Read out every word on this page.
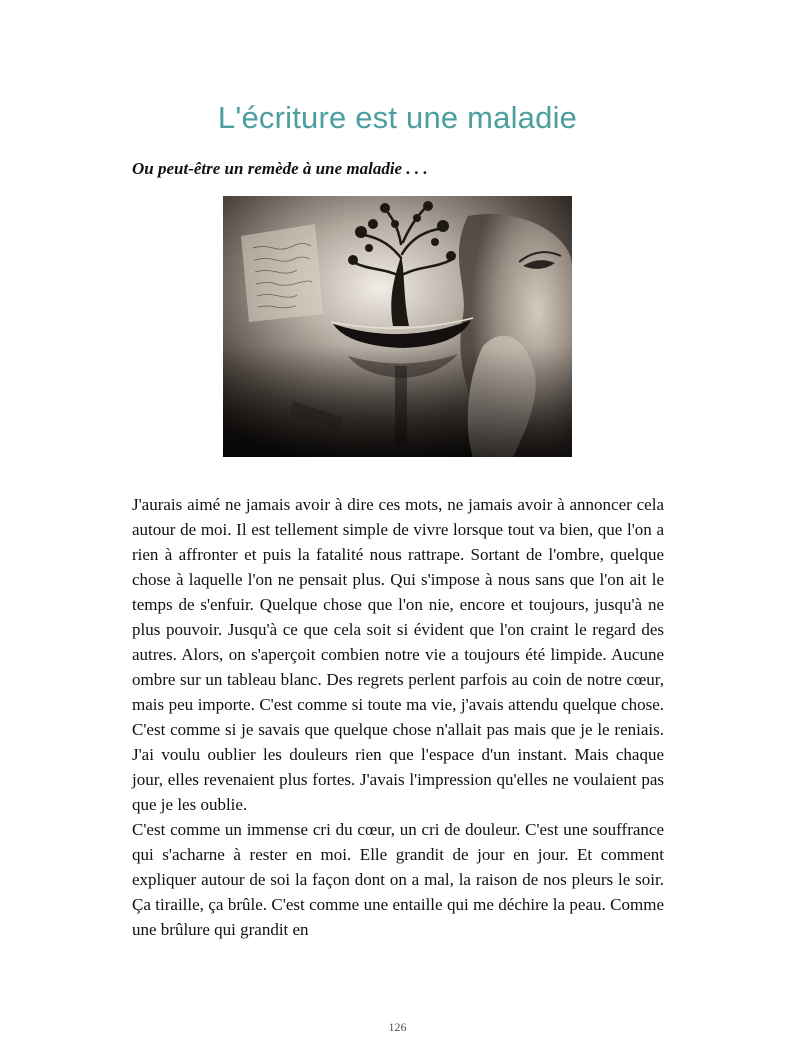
L'écriture est une maladie
Ou peut-être un remède à une maladie . . .

J'aurais aimé ne jamais avoir à dire ces mots, ne jamais avoir à annoncer cela autour de moi. Il est tellement simple de vivre lorsque tout va bien, que l'on a rien à affronter et puis la fatalité nous rattrape. Sortant de l'ombre, quelque chose à laquelle l'on ne pensait plus. Qui s'impose à nous sans que l'on ait le temps de s'enfuir. Quelque chose que l'on nie, encore et toujours, jusqu'à ne plus pouvoir. Jusqu'à ce que cela soit si évident que l'on craint le regard des autres. Alors, on s'aperçoit combien notre vie a toujours été limpide. Aucune ombre sur un tableau blanc. Des regrets perlent parfois au coin de notre cœur, mais peu importe. C'est comme si toute ma vie, j'avais attendu quelque chose. C'est comme si je savais que quelque chose n'allait pas mais que je le reniais. J'ai voulu oublier les douleurs rien que l'espace d'un instant. Mais chaque jour, elles revenaient plus fortes. J'avais l'impression qu'elles ne voulaient pas que je les oublie.

C'est comme un immense cri du cœur, un cri de douleur. C'est une souffrance qui s'acharne à rester en moi. Elle grandit de jour en jour. Et comment expliquer autour de soi la façon dont on a mal, la raison de nos pleurs le soir. Ça tiraille, ça brûle. C'est comme une entaille qui me déchire la peau. Comme une brûlure qui grandit en

126
